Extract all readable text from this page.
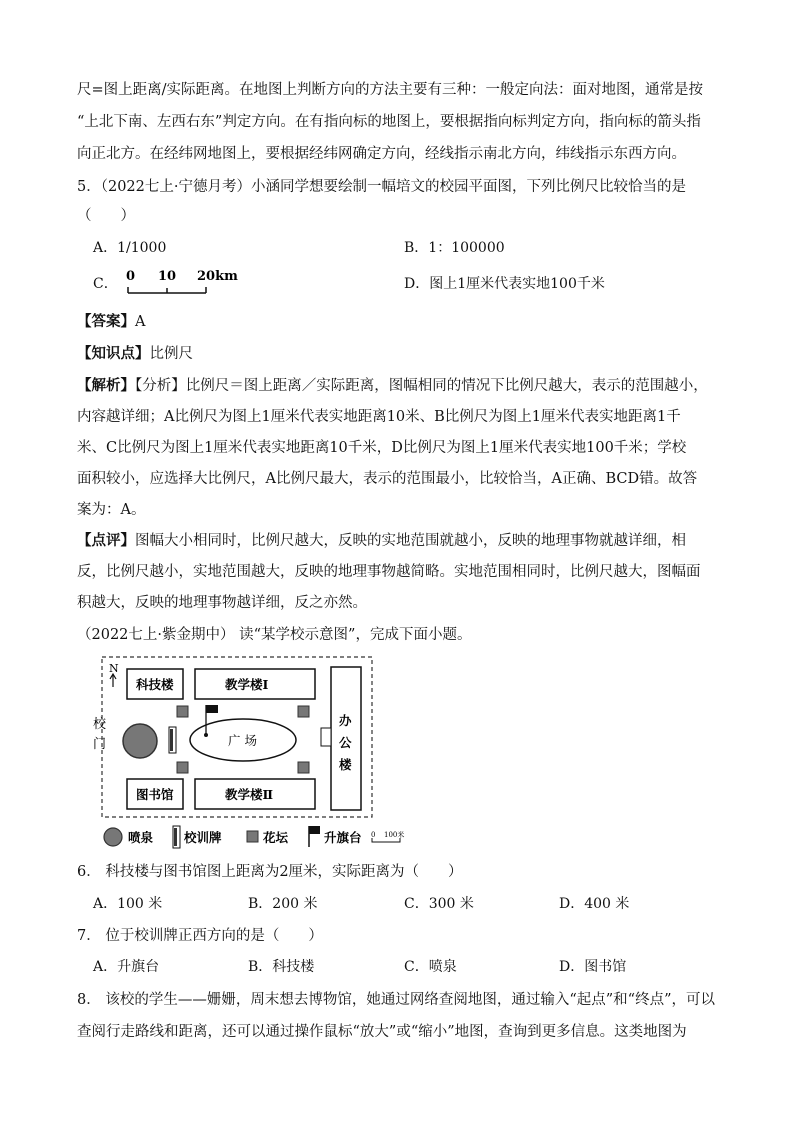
尺=图上距离/实际距离。在地图上判断方向的方法主要有三种：一般定向法：面对地图，通常是按
“上北下南、左西右东”判定方向。在有指向标的地图上，要根据指向标判定方向，指向标的箭头指
向正北方。在经纬网地图上，要根据经纬网确定方向，经线指示南北方向，纬线指示东西方向。
5．（2022七上·宁德月考）小涵同学想要绘制一幅培文的校园平面图，下列比例尺比较恰当的是
（　　）
A．1/1000	B．1：100000
C． 0 10 20km	D．图上1厘米代表实地100千米
【答案】A
【知识点】比例尺
【解析】【分析】比例尺＝图上距离／实际距离，图幅相同的情况下比例尺越大，表示的范围越小，
内容越详细；A比例尺为图上1厘米代表实地距离10米、B比例尺为图上1厘米代表实地距离1千
米、C比例尺为图上1厘米代表实地距离10千米，D比例尺为图上1厘米代表实地100千米；学校
面积较小，应选择大比例尺，A比例尺最大，表示的范围最小，比较恰当，A正确、BCD错。故答
案为：A。
【点评】图幅大小相同时，比例尺越大，反映的实地范围就越小，反映的地理事物就越详细，相
反，比例尺越小，实地范围越大，反映的地理事物越简略。实地范围相同时，比例尺越大，图幅面
积越大，反映的地理事物越详细，反之亦然。
（2022七上·紫金期中） 读“某学校示意图”，完成下面小题。
N
校
门
科技楼	教学楼Ⅰ
办
公
楼
广 场
图书馆	教学楼Ⅱ
喷泉 校训牌	花坛	升旗台 0 100米
6． 科技楼与图书馆图上距离为2厘米，实际距离为（　　）
A．100 米	B．200 米	C．300 米	D．400 米
7． 位于校训牌正西方向的是（　　）
A．升旗台	B．科技楼	C．喷泉	D．图书馆
8． 该校的学生——姗姗，周末想去博物馆，她通过网络查阅地图，通过输入“起点”和“终点”，可以
查阅行走路线和距离，还可以通过操作鼠标“放大”或“缩小”地图，查询到更多信息。这类地图为
